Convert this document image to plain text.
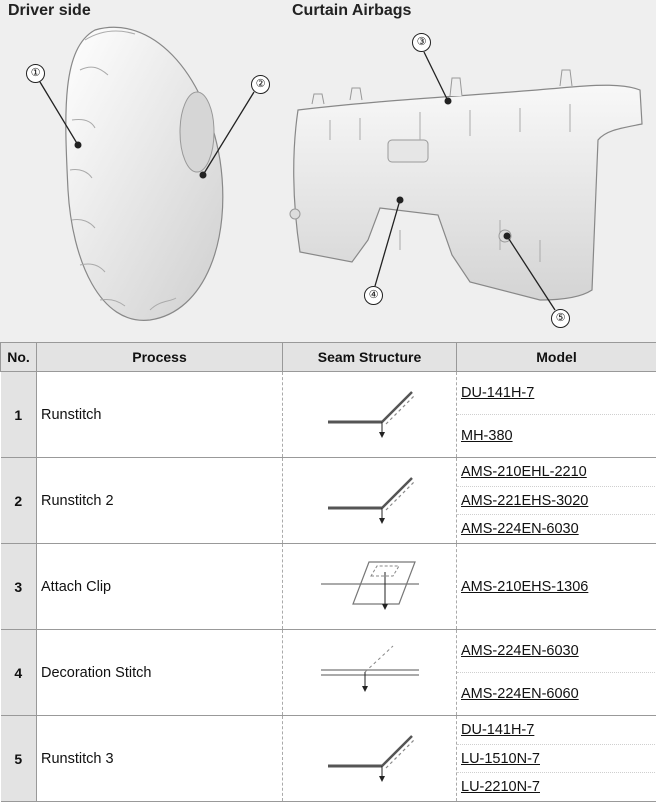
Driver side	Curtain Airbags
①
②
③
④
⑤
No.	Process	Seam Structure	Model
1	Runstitch		DU-141H-7
MH-380

2	Runstitch 2		AMS-210EHL-2210
AMS-221EHS-3020
AMS-224EN-6030

3	Attach Clip		AMS-210EHS-1306

4	Decoration Stitch		AMS-224EN-6030
AMS-224EN-6060

5	Runstitch 3		DU-141H-7
LU-1510N-7
LU-2210N-7
